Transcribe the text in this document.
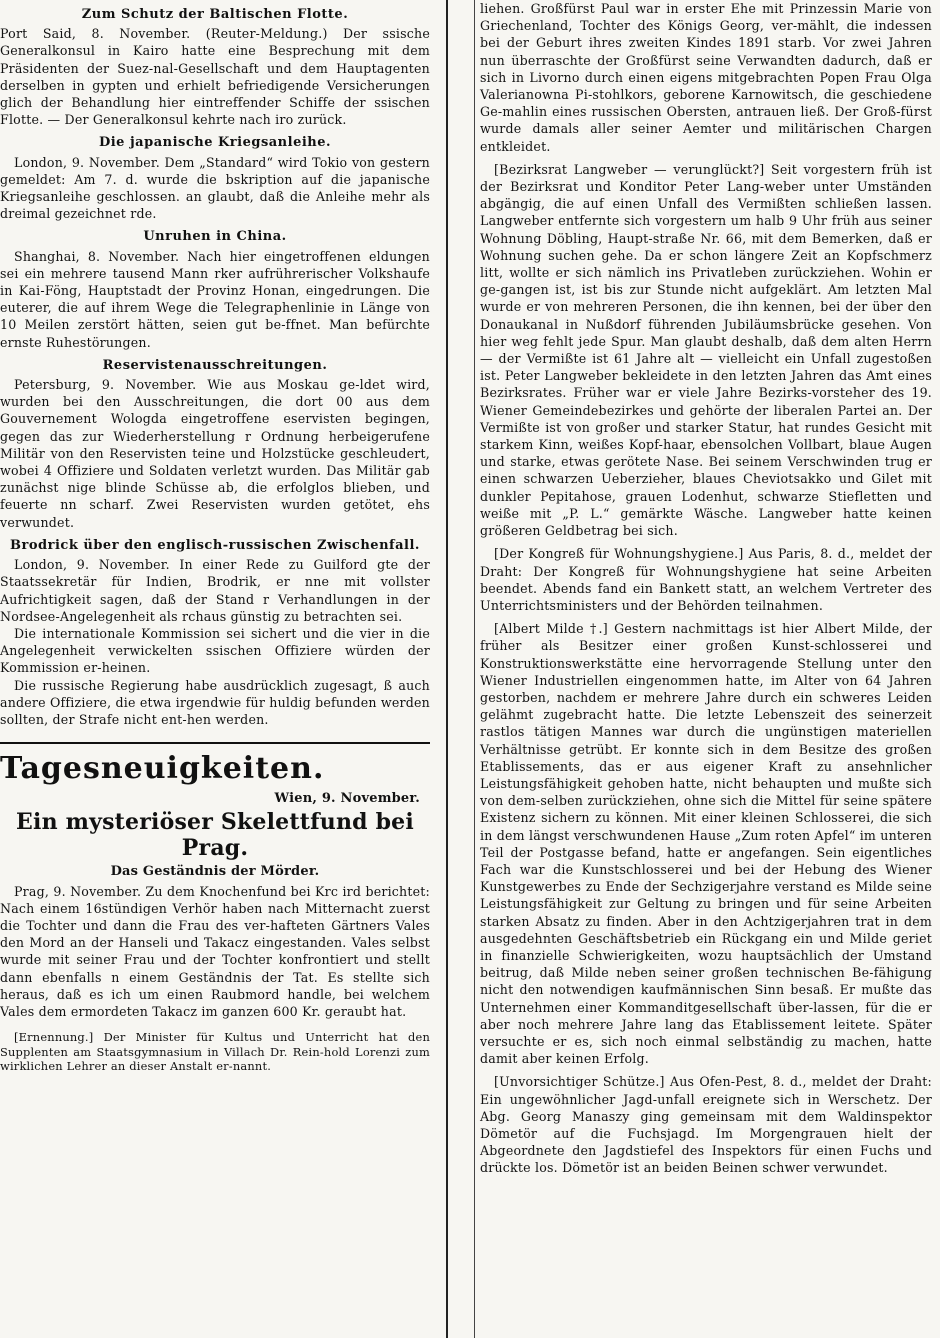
Zum Schutz der Baltischen Flotte.

Port Said, 8. November. (Reuter-Meldung.) Der ssische Generalkonsul in Kairo hatte eine Besprechung mit dem Präsidenten der Suez-nal-Gesellschaft und dem Hauptagenten derselben in gypten und erhielt befriedigende Versicherungen glich der Behandlung hier eintreffender Schiffe der ssischen Flotte. — Der Generalkonsul kehrte nach iro zurück.

Die japanische Kriegsanleihe.

London, 9. November. Dem „Standard“ wird Tokio von gestern gemeldet: Am 7. d. wurde die bskription auf die japanische Kriegsanleihe geschlossen. an glaubt, daß die Anleihe mehr als dreimal gezeichnet rde.

Unruhen in China.

Shanghai, 8. November. Nach hier eingetroffenen eldungen sei ein mehrere tausend Mann rker aufrührerischer Volkshaufe in Kai-Föng, Hauptstadt der Provinz Honan, eingedrungen. Die euterer, die auf ihrem Wege die Telegraphenlinie in Länge von 10 Meilen zerstört hätten, seien gut be-ffnet. Man befürchte ernste Ruhestörungen.

Reservistenausschreitungen.

Petersburg, 9. November. Wie aus Moskau ge-ldet wird, wurden bei den Ausschreitungen, die dort 00 aus dem Gouvernement Wologda eingetroffene eservisten begingen, gegen das zur Wiederherstellung r Ordnung herbeigerufene Militär von den Reservisten teine und Holzstücke geschleudert, wobei 4 Offiziere und Soldaten verletzt wurden. Das Militär gab zunächst nige blinde Schüsse ab, die erfolglos blieben, und feuerte nn scharf. Zwei Reservisten wurden getötet, ehs verwundet.

Brodrick über den englisch-russischen Zwischenfall.

London, 9. November. In einer Rede zu Guilford gte der Staatssekretär für Indien, Brodrik, er nne mit vollster Aufrichtigkeit sagen, daß der Stand r Verhandlungen in der Nordsee-Angelegenheit als rchaus günstig zu betrachten sei.

Die internationale Kommission sei sichert und die vier in die Angelegenheit verwickelten ssischen Offiziere würden der Kommission er-heinen.

Die russische Regierung habe ausdrücklich zugesagt, ß auch andere Offiziere, die etwa irgendwie für huldig befunden werden sollten, der Strafe nicht ent-hen werden.

Tagesneuigkeiten.
Wien, 9. November.
Ein mysteriöser Skelettfund bei Prag.
Das Geständnis der Mörder.

Prag, 9. November. Zu dem Knochenfund bei Krc ird berichtet: Nach einem 16stündigen Verhör haben nach Mitternacht zuerst die Tochter und dann die Frau des ver-hafteten Gärtners Vales den Mord an der Hanseli und Takacz eingestanden. Vales selbst wurde mit seiner Frau und der Tochter konfrontiert und stellt dann ebenfalls n einem Geständnis der Tat. Es stellte sich heraus, daß es ich um einen Raubmord handle, bei welchem Vales dem ermordeten Takacz im ganzen 600 Kr. geraubt hat.

[Ernennung.] Der Minister für Kultus und Unterricht hat den Supplenten am Staatsgymnasium in Villach Dr. Rein-hold Lorenzi zum wirklichen Lehrer an dieser Anstalt er-nannt.

liehen. Großfürst Paul war in erster Ehe mit Prinzessin Marie von Griechenland, Tochter des Königs Georg, ver-mählt, die indessen bei der Geburt ihres zweiten Kindes 1891 starb. Vor zwei Jahren nun überraschte der Großfürst seine Verwandten dadurch, daß er sich in Livorno durch einen eigens mitgebrachten Popen Frau Olga Valerianowna Pi-stohlkors, geborene Karnowitsch, die geschiedene Ge-mahlin eines russischen Obersten, antrauen ließ. Der Groß-fürst wurde damals aller seiner Aemter und militärischen Chargen entkleidet.

[Bezirksrat Langweber — verunglückt?] Seit vorgestern früh ist der Bezirksrat und Konditor Peter Lang-weber unter Umständen abgängig, die auf einen Unfall des Vermißten schließen lassen. Langweber entfernte sich vorgestern um halb 9 Uhr früh aus seiner Wohnung Döbling, Haupt-straße Nr. 66, mit dem Bemerken, daß er Wohnung suchen gehe. Da er schon längere Zeit an Kopfschmerz litt, wollte er sich nämlich ins Privatleben zurückziehen. Wohin er ge-gangen ist, ist bis zur Stunde nicht aufgeklärt. Am letzten Mal wurde er von mehreren Personen, die ihn kennen, bei der über den Donaukanal in Nußdorf führenden Jubiläumsbrücke gesehen. Von hier weg fehlt jede Spur. Man glaubt deshalb, daß dem alten Herrn — der Vermißte ist 61 Jahre alt — vielleicht ein Unfall zugestoßen ist. Peter Langweber bekleidete in den letzten Jahren das Amt eines Bezirksrates. Früher war er viele Jahre Bezirks-vorsteher des 19. Wiener Gemeindebezirkes und gehörte der liberalen Partei an. Der Vermißte ist von großer und starker Statur, hat rundes Gesicht mit starkem Kinn, weißes Kopf-haar, ebensolchen Vollbart, blaue Augen und starke, etwas gerötete Nase. Bei seinem Verschwinden trug er einen schwarzen Ueberzieher, blaues Cheviotsakko und Gilet mit dunkler Pepitahose, grauen Lodenhut, schwarze Stiefletten und weiße mit „P. L.“ gemärkte Wäsche. Langweber hatte keinen größeren Geldbetrag bei sich.

[Der Kongreß für Wohnungshygiene.] Aus Paris, 8. d., meldet der Draht: Der Kongreß für Wohnungshygiene hat seine Arbeiten beendet. Abends fand ein Bankett statt, an welchem Vertreter des Unterrichtsministers und der Behörden teilnahmen.

[Albert Milde †.] Gestern nachmittags ist hier Albert Milde, der früher als Besitzer einer großen Kunst-schlosserei und Konstruktionswerkstätte eine hervorragende Stellung unter den Wiener Industriellen eingenommen hatte, im Alter von 64 Jahren gestorben, nachdem er mehrere Jahre durch ein schweres Leiden gelähmt zugebracht hatte. Die letzte Lebenszeit des seinerzeit rastlos tätigen Mannes war durch die ungünstigen materiellen Verhältnisse getrübt. Er konnte sich in dem Besitze des großen Etablissements, das er aus eigener Kraft zu ansehnlicher Leistungsfähigkeit gehoben hatte, nicht behaupten und mußte sich von dem-selben zurückziehen, ohne sich die Mittel für seine spätere Existenz sichern zu können. Mit einer kleinen Schlosserei, die sich in dem längst verschwundenen Hause „Zum roten Apfel“ im unteren Teil der Postgasse befand, hatte er angefangen. Sein eigentliches Fach war die Kunstschlosserei und bei der Hebung des Wiener Kunstgewerbes zu Ende der Sechzigerjahre verstand es Milde seine Leistungsfähigkeit zur Geltung zu bringen und für seine Arbeiten starken Absatz zu finden. Aber in den Achtzigerjahren trat in dem ausgedehnten Geschäftsbetrieb ein Rückgang ein und Milde geriet in finanzielle Schwierigkeiten, wozu hauptsächlich der Umstand beitrug, daß Milde neben seiner großen technischen Be-fähigung nicht den notwendigen kaufmännischen Sinn besaß. Er mußte das Unternehmen einer Kommanditgesellschaft über-lassen, für die er aber noch mehrere Jahre lang das Etablissement leitete. Später versuchte er es, sich noch einmal selbständig zu machen, hatte damit aber keinen Erfolg.

[Unvorsichtiger Schütze.] Aus Ofen-Pest, 8. d., meldet der Draht: Ein ungewöhnlicher Jagd-unfall ereignete sich in Werschetz. Der Abg. Georg Manaszy ging gemeinsam mit dem Waldinspektor Dömetör auf die Fuchsjagd. Im Morgengrauen hielt der Abgeordnete den Jagdstiefel des Inspektors für einen Fuchs und drückte los. Dömetör ist an beiden Beinen schwer verwundet.
